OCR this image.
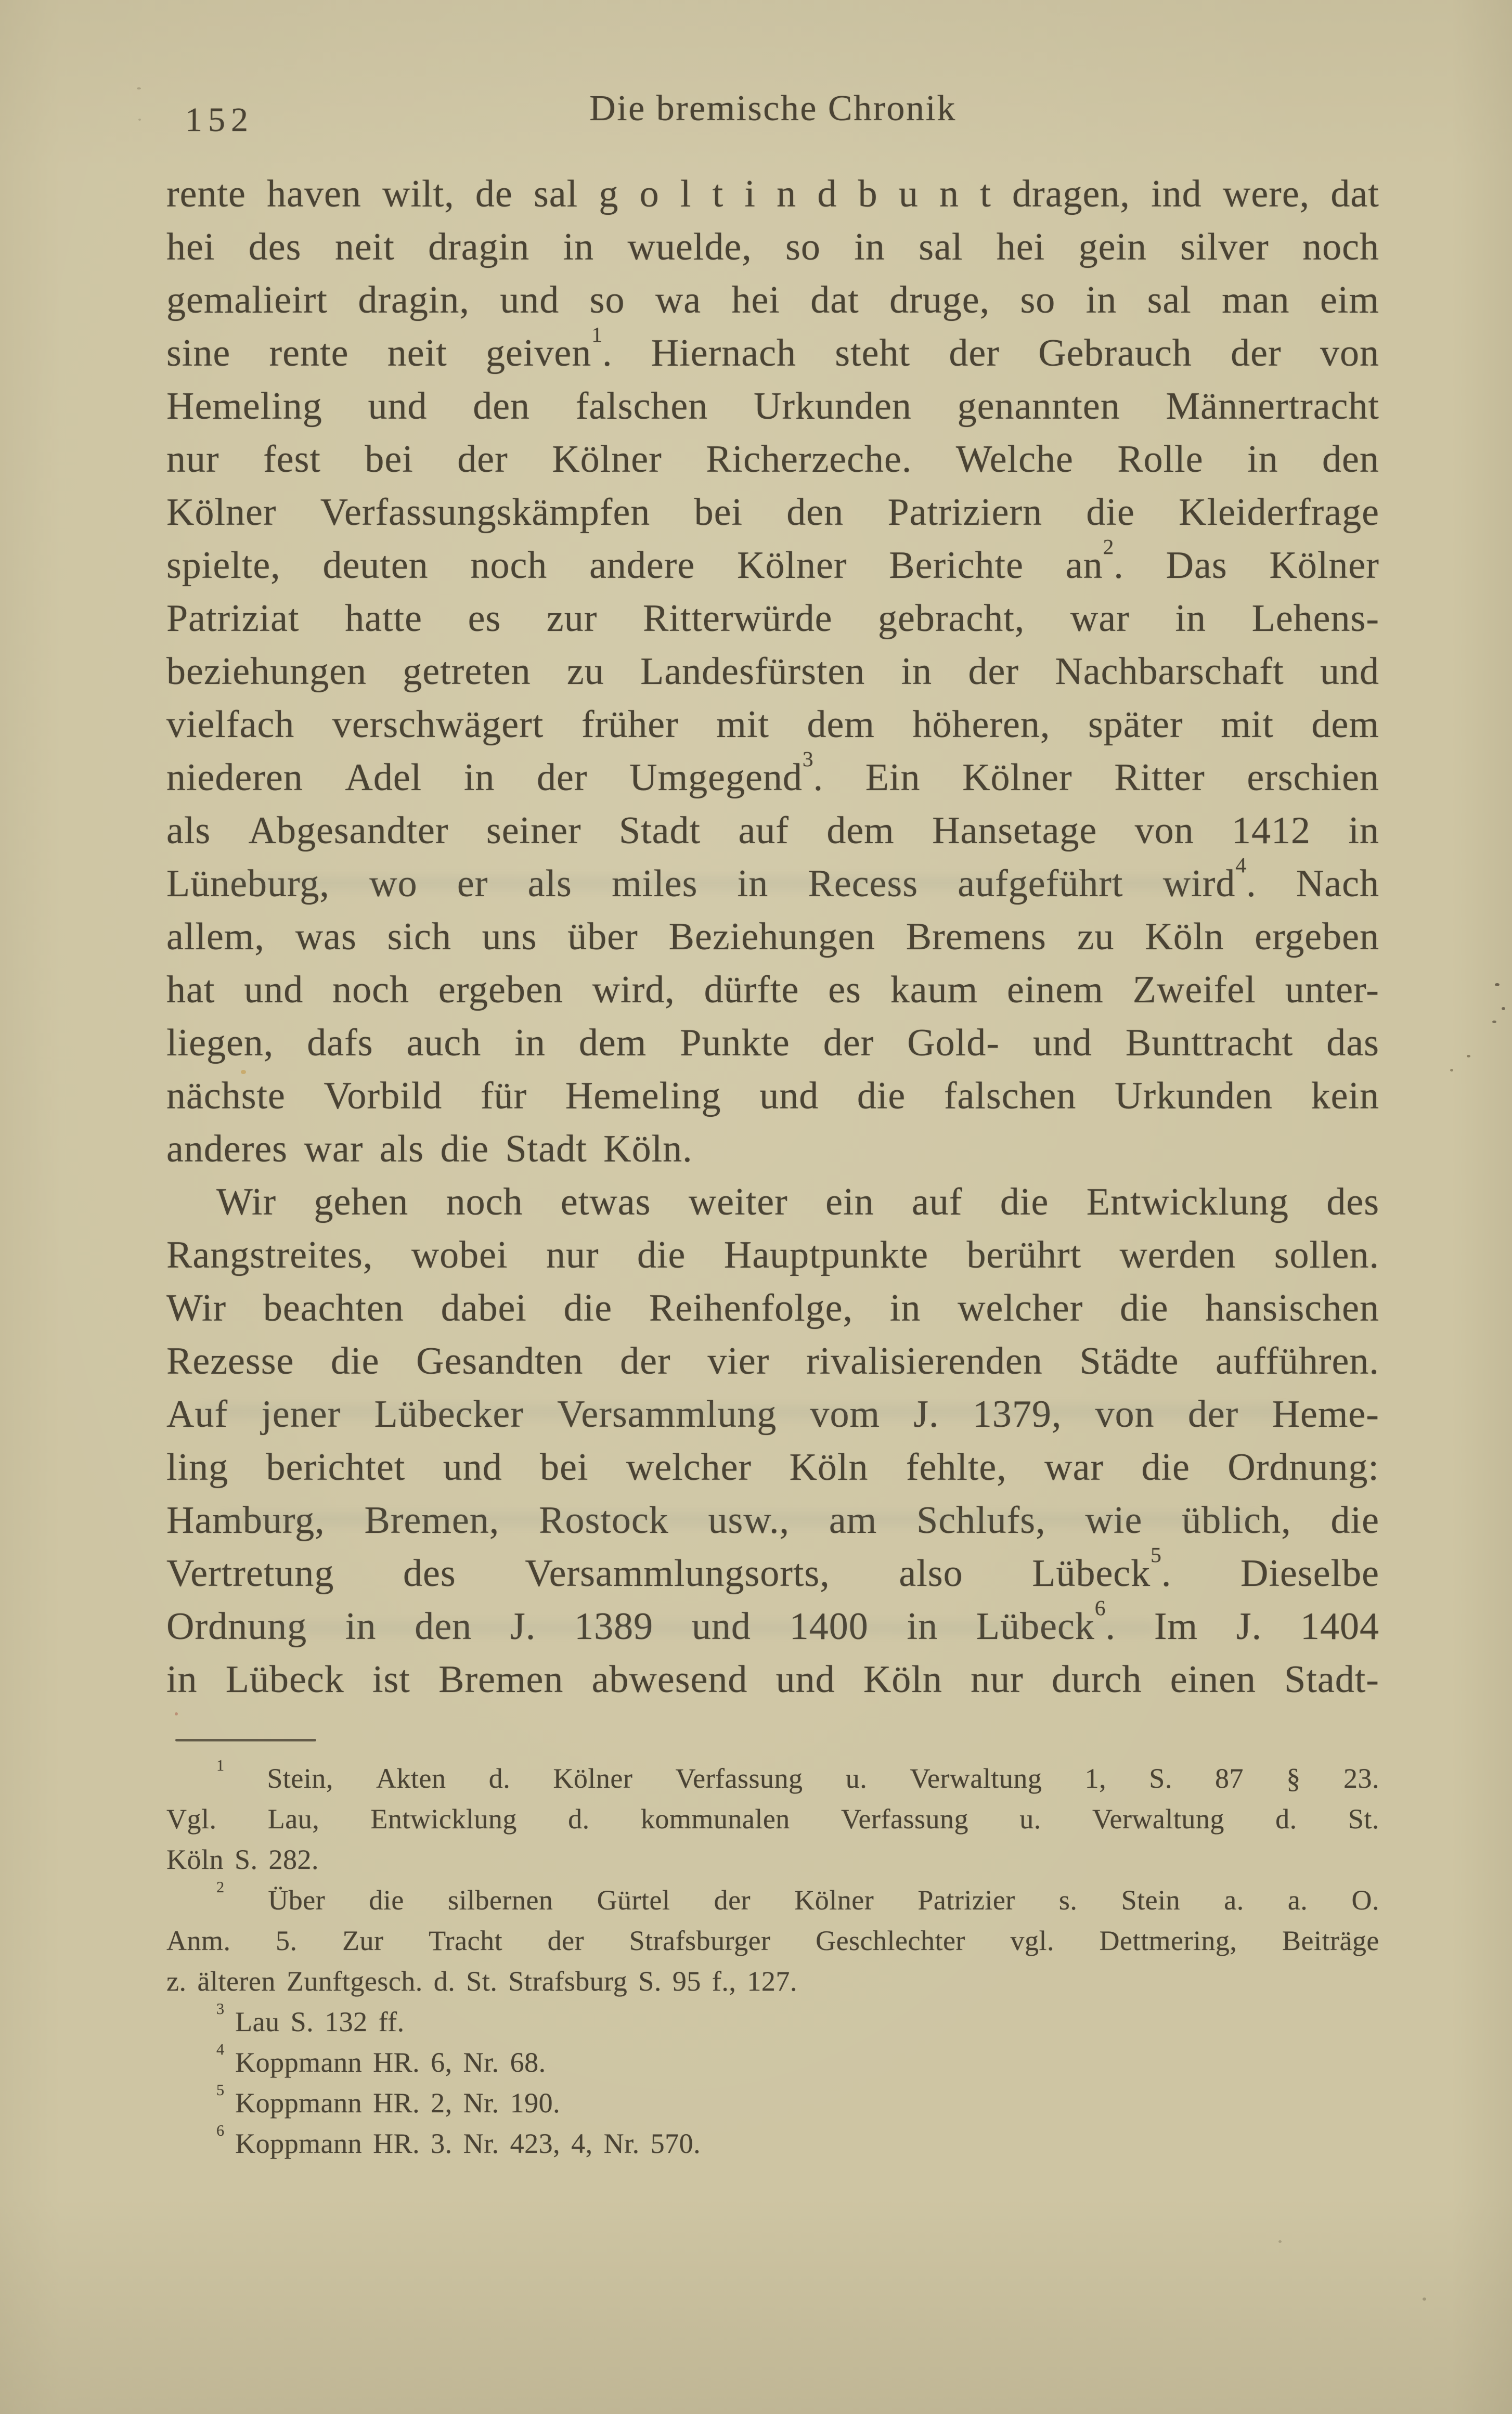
152	Die bremische Chronik
rente haven wilt, de sal g o l t i n d b u n t dragen, ind were, dat
hei des neit dragin in wuelde, so in sal hei gein silver noch
gemalieirt dragin, und so wa hei dat druge, so in sal man eim
sine rente neit geiven$^1$. Hiernach steht der Gebrauch der von
Hemeling und den falschen Urkunden genannten Männertracht
nur fest bei der Kölner Richerzeche. Welche Rolle in den
Kölner Verfassungskämpfen bei den Patriziern die Kleiderfrage
spielte, deuten noch andere Kölner Berichte $an^2$. Das Kölner
Patriziat hatte es zur Ritterwürde gebracht, war in Lehens-
beziehungen getreten zu Landesfürsten in der Nachbarschaft und
vielfach verschwägert früher mit dem höheren, später mit dem
niederen Adel in der Umgegend$^3$. Ein Kölner Ritter erschien
als Abgesandter seiner Stadt auf dem Hansetage von 1412 in
Lüneburg, wo er als miles in Recess aufgeführt wird$^4$. Nach
allem, was sich uns über Beziehungen Bremens zu Köln ergeben
hat und noch ergeben wird, dürfte es kaum einem Zweifel unter-
liegen, dafs auch in dem Punkte der Gold- und Bunttracht das
nächste Vorbild für Hemeling und die falschen Urkunden kein
anderes war als die Stadt Köln.
Wir gehen noch etwas weiter ein auf die Entwicklung des
Rangstreites, wobei nur die Hauptpunkte berührt werden sollen.
Wir beachten dabei die Reihenfolge, in welcher die hansischen
Rezesse die Gesandten der vier rivalisierenden Städte aufführen.
Auf jener Lübecker Versammlung vom J. 1379, von der Heme-
ling berichtet und bei welcher Köln fehlte, war die Ordnung:
Hamburg, Bremen, Rostock usw., am Schlufs, wie üblich, die
Vertretung des Versammlungsorts, also Lübeck$^5$. Dieselbe
Ordnung in den J. 1389 und 1400 in Lübeck$^6$. Im J. 1404
in Lübeck ist Bremen abwesend und Köln nur durch einen Stadt-
$^1$ Stein, Akten d. Kölner Verfassung u. Verwaltung 1, S. 87 § 23.
Vgl. Lau, Entwicklung d. kommunalen Verfassung u. Verwaltung d. St.
Köln S. 282.
$^2$ Über die silbernen Gürtel der Kölner Patrizier s. Stein a. a. O.
Anm. 5. Zur Tracht der Strafsburger Geschlechter vgl. Dettmering, Beiträge
z. älteren Zunftgesch. d. St. Strafsburg S. 95 f., 127.
$^3$ Lau S. 132 ff.
$^4$ Koppmann HR. 6, Nr. 68.
$^5$ Koppmann HR. 2, Nr. 190.
$^6$ Koppmann HR. 3. Nr. 423, 4, Nr. 570.
